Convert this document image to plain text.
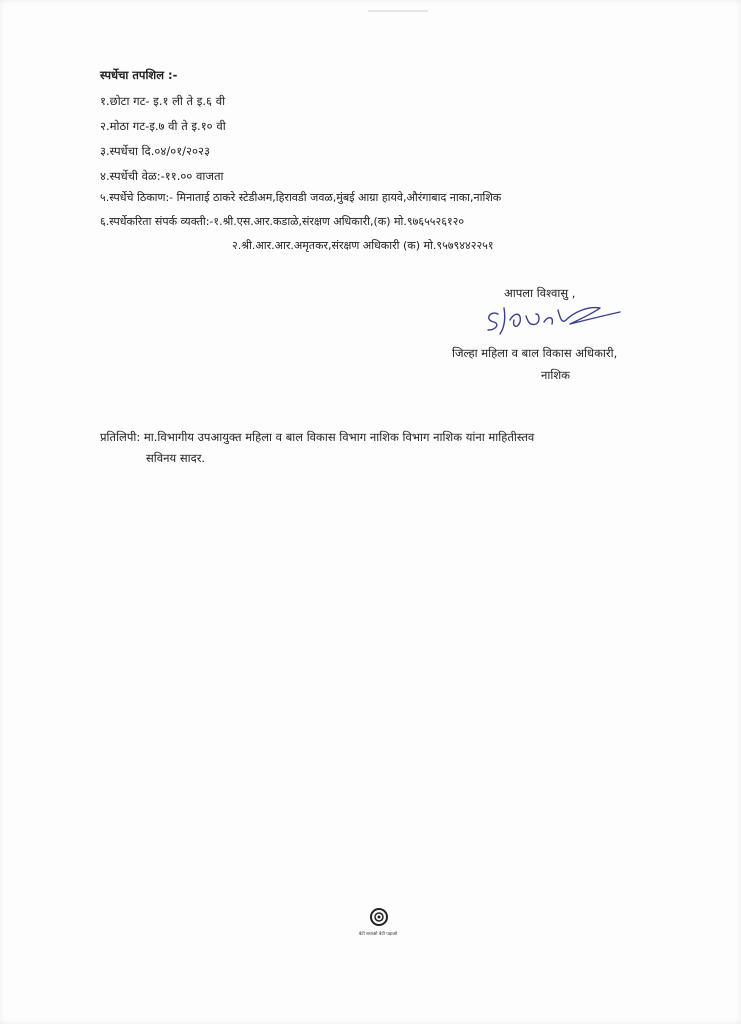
स्पर्धेचा तपशिल :-
१.छोटा गट- इ.१ ली ते इ.६ वी
२.मोठा गट-इ.७ वी ते इ.१० वी
३.स्पर्धेचा दि.०४/०१/२०२३
४.स्पर्धेची वेळ:-११.०० वाजता
५.स्पर्धेचे ठिकाण:- मिनाताई ठाकरे स्टेडीअम,हिरावडी जवळ,मुंबई आग्रा हायवे,औरंगाबाद नाका,नाशिक
६.स्पर्धेकरिता संपर्क व्यक्ती:-१.श्री.एस.आर.कडाळे,संरक्षण अधिकारी,(क) मो.९७६५५२६१२०
२.श्री.आर.आर.अमृतकर,संरक्षण अधिकारी (क) मो.९५७९४४२२५१
आपला विश्वासु ,
जिल्हा महिला व बाल विकास अधिकारी,
नाशिक
प्रतिलिपी: मा.विभागीय उपआयुक्त महिला व बाल विकास विभाग नाशिक विभाग नाशिक यांना माहितीस्तव
सविनय सादर.
बेटी बचाओ बेटी पढ़ाओ
